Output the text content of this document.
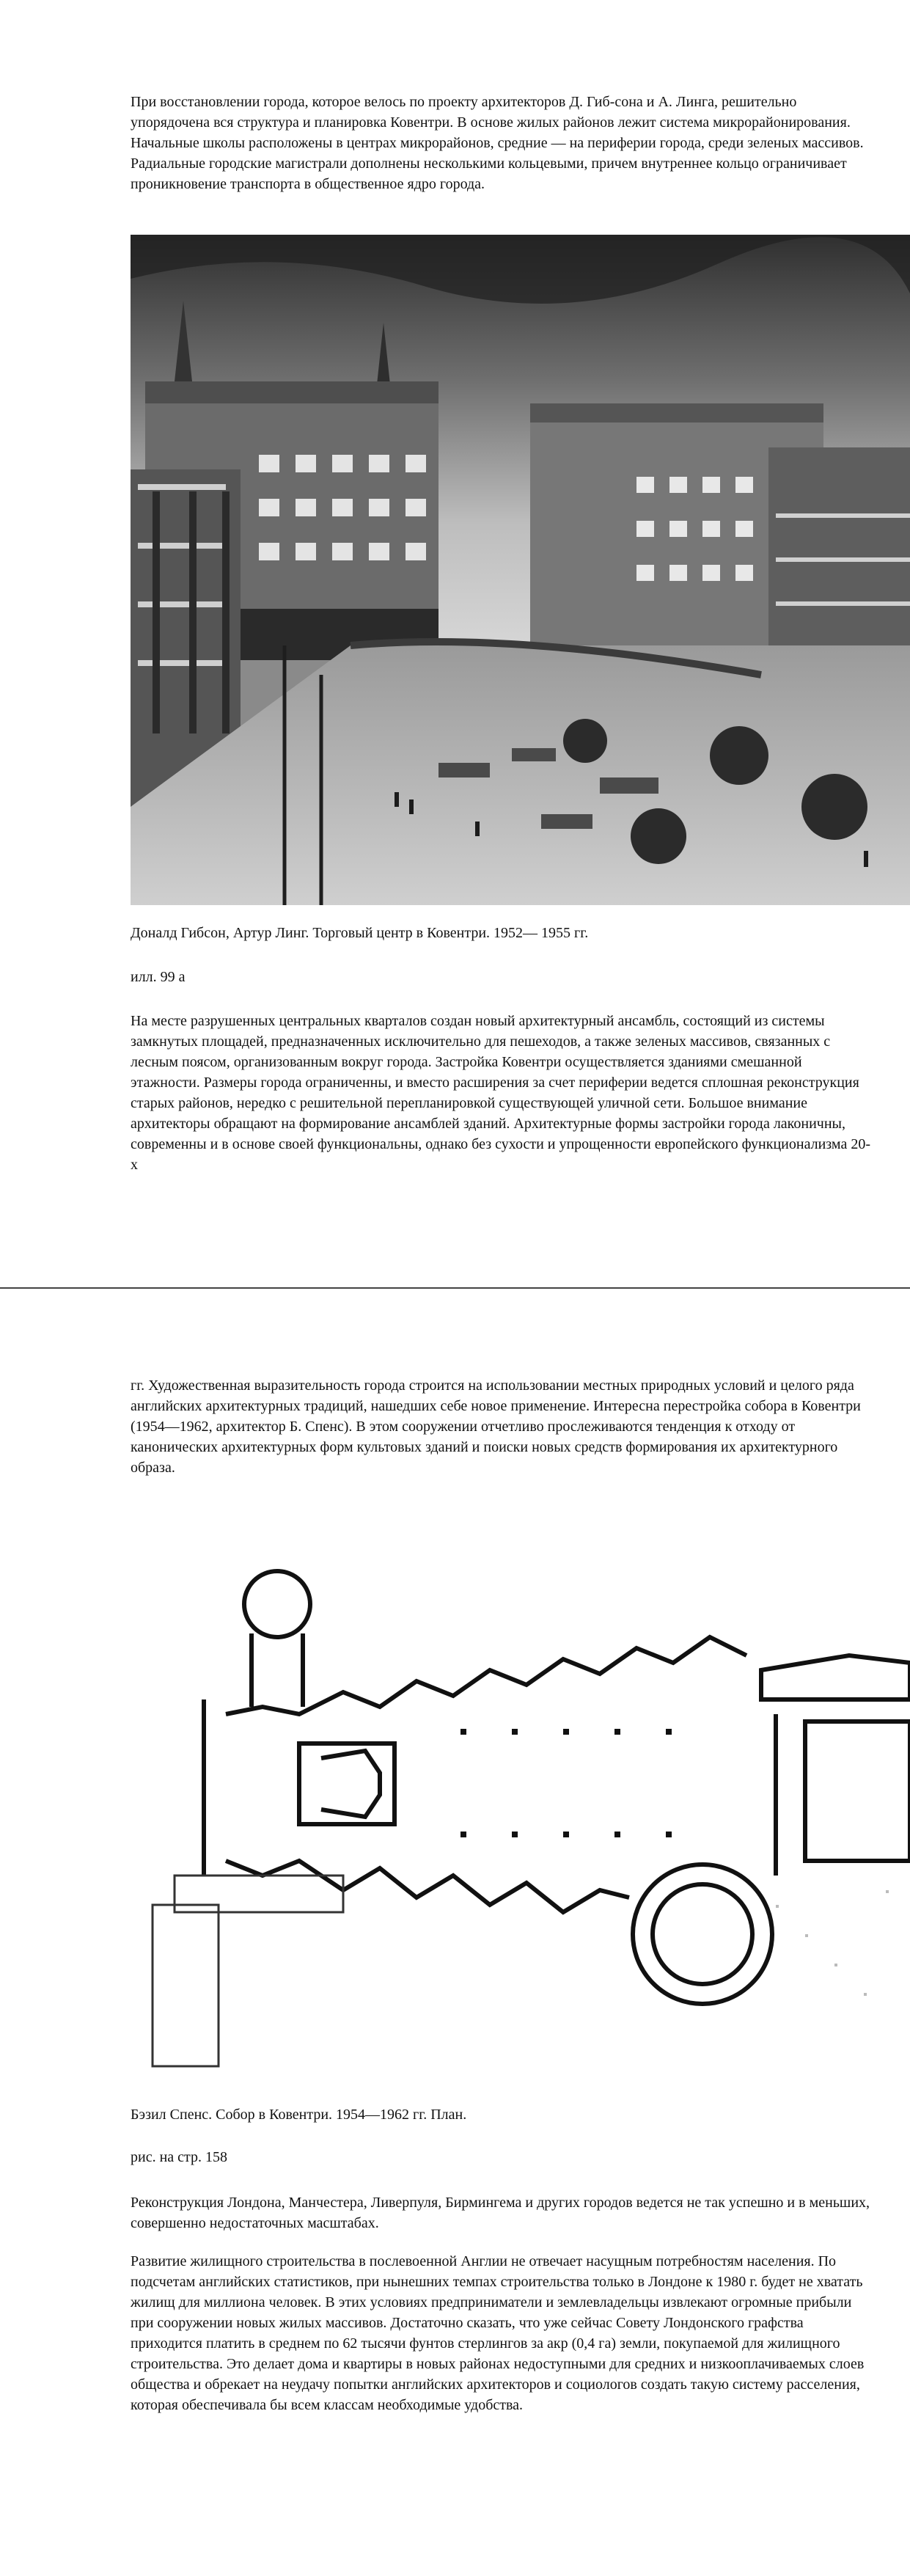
При восстановлении города, которое велось по проекту архитекторов Д. Гиб-сона и А. Линга, решительно упорядочена вся структура и планировка Ковентри. В основе жилых районов лежит система микрорайонирования. Начальные школы расположены в центрах микрорайонов, средние — на периферии города, среди зеленых массивов. Радиальные городские магистрали дополнены несколькими кольцевыми, причем внутреннее кольцо ограничивает проникновение транспорта в общественное ядро города.

Доналд Гибсон, Артур Линг. Торговый центр в Ковентри. 1952— 1955 гг.

илл. 99 а

На месте разрушенных центральных кварталов создан новый архитектурный ансамбль, состоящий из системы замкнутых площадей, предназначенных исключительно для пешеходов, а также зеленых массивов, связанных с лесным поясом, организованным вокруг города. Застройка Ковентри осуществляется зданиями смешанной этажности. Размеры города ограниченны, и вместо расширения за счет периферии ведется сплошная реконструкция старых районов, нередко с решительной перепланировкой существующей уличной сети. Большое внимание архитекторы обращают на формирование ансамблей зданий. Архитектурные формы застройки города лаконичны, современны и в основе своей функциональны, однако без сухости и упрощенности европейского функционализма 20-х

гг. Художественная выразительность города строится на использовании местных природных условий и целого ряда английских архитектурных традиций, нашедших себе новое применение. Интересна перестройка собора в Ковентри (1954—1962, архитектор Б. Спенс). В этом сооружении отчетливо прослеживаются тенденция к отходу от канонических архитектурных форм культовых зданий и поиски новых средств формирования их архитектурного образа.

Бэзил Спенс. Собор в Ковентри. 1954—1962 гг. План.

рис. на стр. 158

Реконструкция Лондона, Манчестера, Ливерпуля, Бирмингема и других городов ведется не так успешно и в меньших, совершенно недостаточных масштабах.

Развитие жилищного строительства в послевоенной Англии не отвечает насущным потребностям населения. По подсчетам английских статистиков, при нынешних темпах строительства только в Лондоне к 1980 г. будет не хватать жилищ для миллиона человек. В этих условиях предприниматели и землевладельцы извлекают огромные прибыли при сооружении новых жилых массивов. Достаточно сказать, что уже сейчас Совету Лондонского графства приходится платить в среднем по 62 тысячи фунтов стерлингов за акр (0,4 га) земли, покупаемой для жилищного строительства. Это делает дома и квартиры в новых районах недоступными для средних и низкооплачиваемых слоев общества и обрекает на неудачу попытки английских архитекторов и социологов создать такую систему расселения, которая обеспечивала бы всем классам необходимые удобства.
